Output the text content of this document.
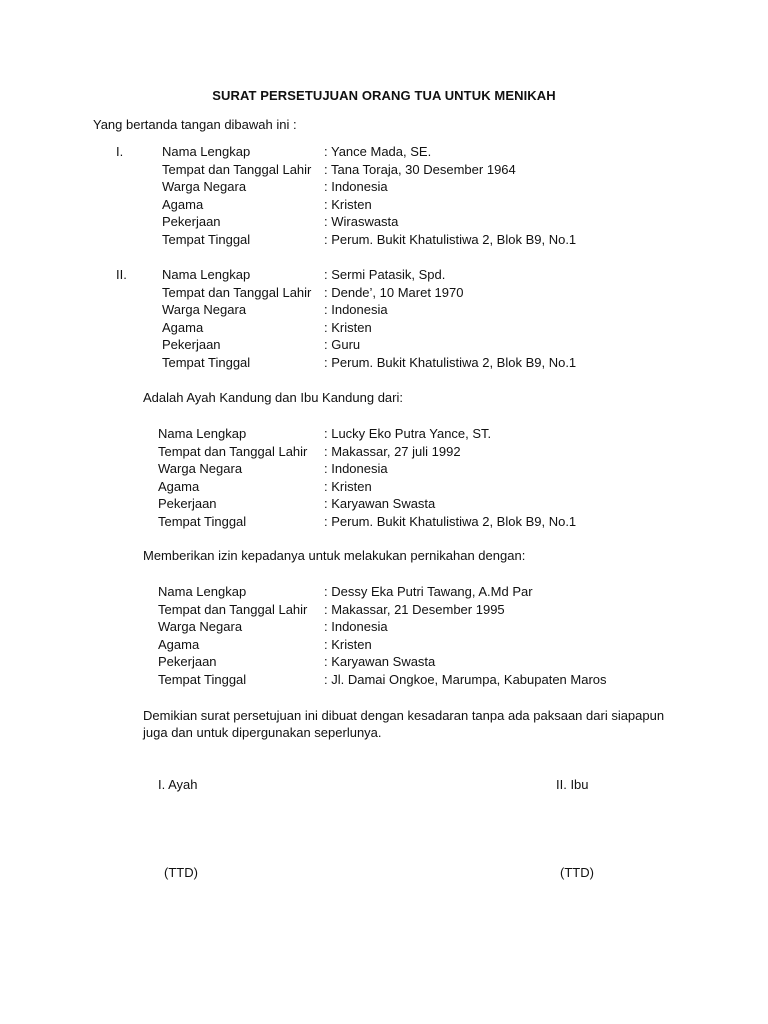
SURAT PERSETUJUAN ORANG TUA UNTUK MENIKAH
Yang bertanda tangan dibawah ini :
I.	Nama Lengkap	: Yance Mada, SE.
Tempat dan Tanggal Lahir : Tana Toraja, 30 Desember 1964
Warga Negara	: Indonesia
Agama	: Kristen
Pekerjaan	: Wiraswasta
Tempat Tinggal	: Perum. Bukit Khatulistiwa 2, Blok B9, No.1
II.	Nama Lengkap	: Sermi Patasik, Spd.
Tempat dan Tanggal Lahir : Dende’, 10 Maret 1970
Warga Negara	: Indonesia
Agama	: Kristen
Pekerjaan	: Guru
Tempat Tinggal	: Perum. Bukit Khatulistiwa 2, Blok B9, No.1
Adalah Ayah Kandung dan Ibu Kandung dari:
Nama Lengkap	: Lucky Eko Putra Yance, ST.
Tempat dan Tanggal Lahir : Makassar, 27 juli 1992
Warga Negara	: Indonesia
Agama	: Kristen
Pekerjaan	: Karyawan Swasta
Tempat Tinggal	: Perum. Bukit Khatulistiwa 2, Blok B9, No.1
Memberikan izin kepadanya untuk melakukan pernikahan dengan:
Nama Lengkap	: Dessy Eka Putri Tawang, A.Md Par
Tempat dan Tanggal Lahir : Makassar, 21 Desember 1995
Warga Negara	: Indonesia
Agama	: Kristen
Pekerjaan	: Karyawan Swasta
Tempat Tinggal	: Jl. Damai Ongkoe, Marumpa, Kabupaten Maros
Demikian surat persetujuan ini dibuat dengan kesadaran tanpa ada paksaan dari siapapun
juga dan untuk dipergunakan seperlunya.
I. Ayah	II. Ibu
(TTD)	(TTD)
